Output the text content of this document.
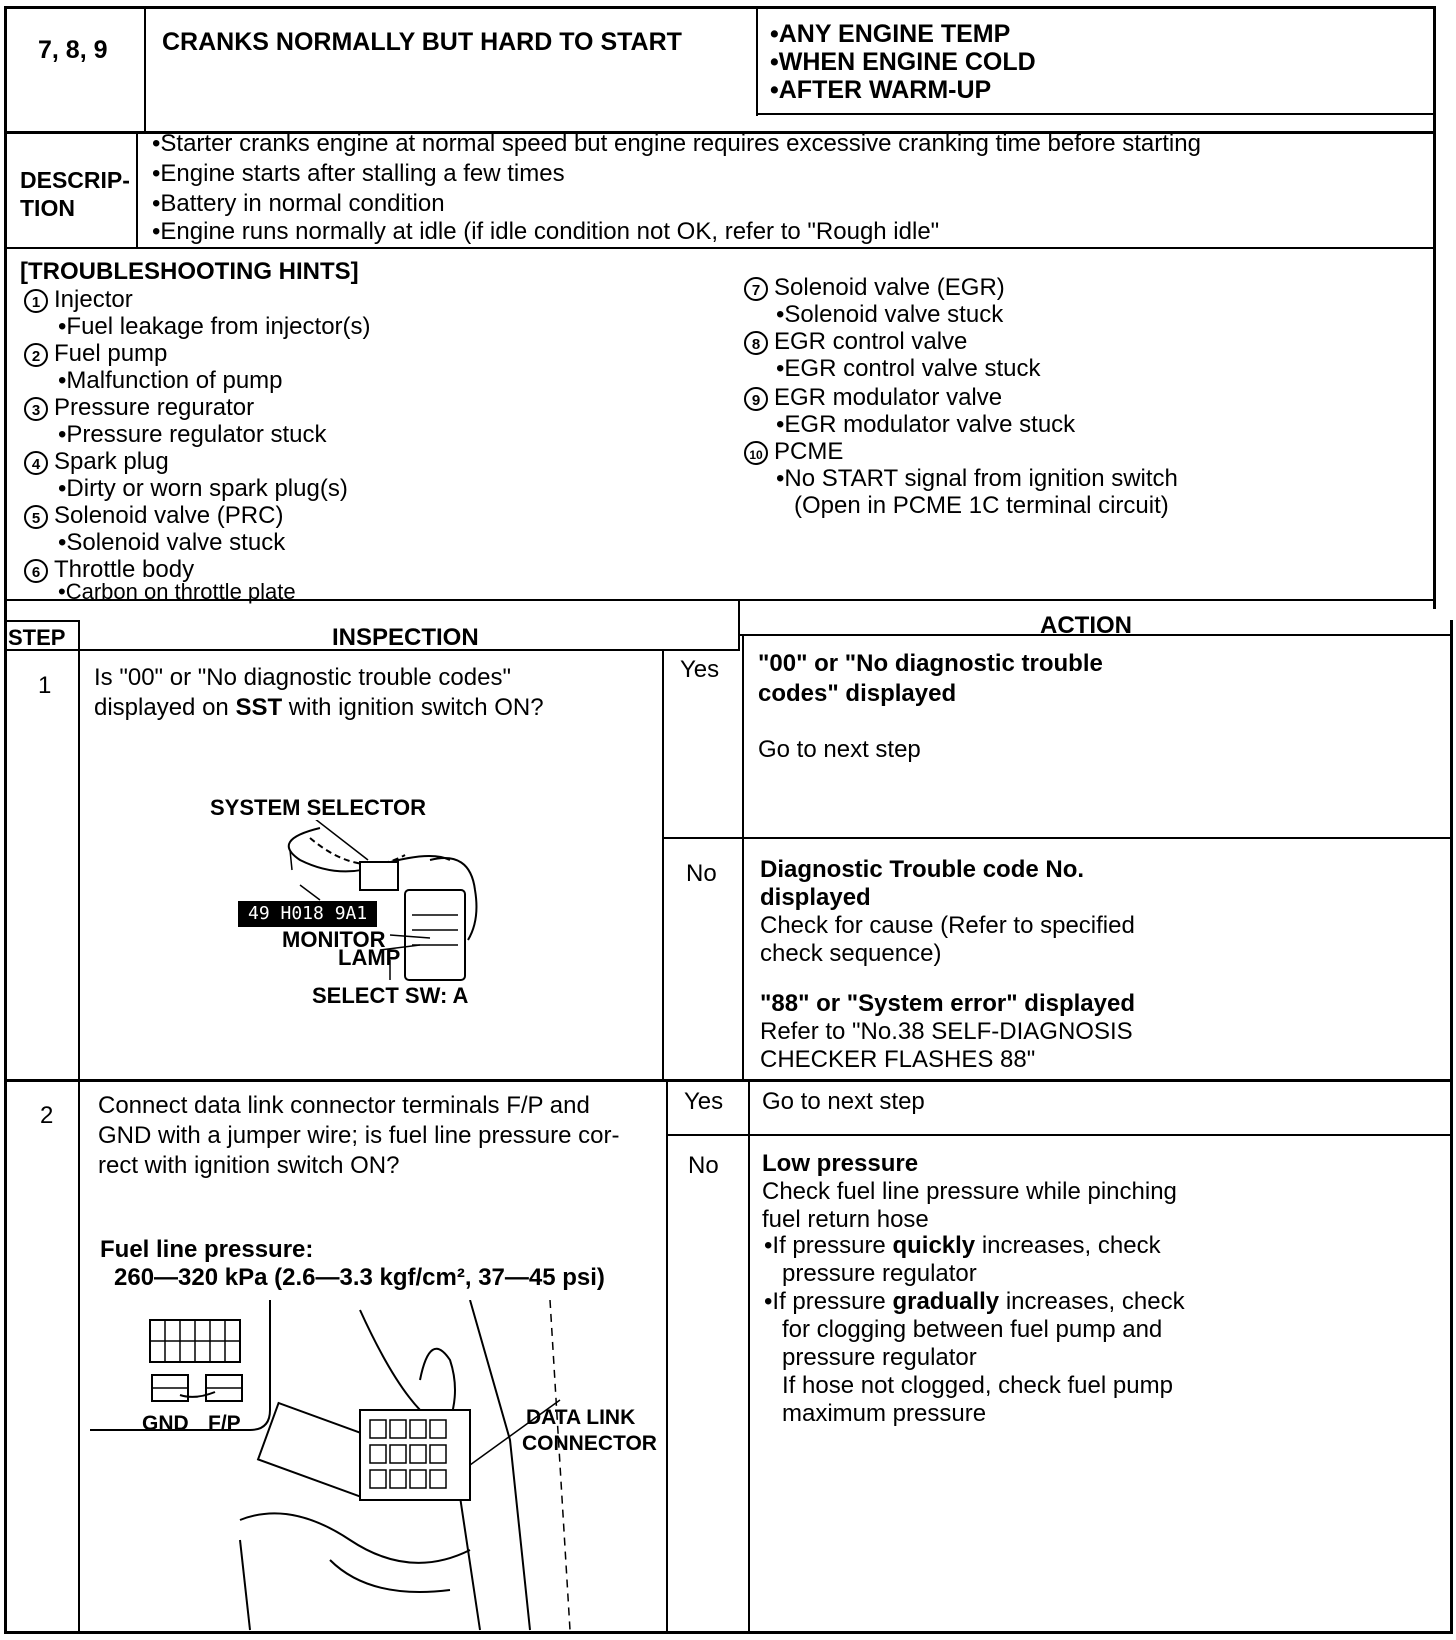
7, 8, 9 CRANKS NORMALLY BUT HARD TO START	•ANY ENGINE TEMP
•WHEN ENGINE COLD
•AFTER WARM-UP
DESCRIP-
TION
•Starter cranks engine at normal speed but engine requires excessive cranking time before starting
•Engine starts after stalling a few times
•Battery in normal condition
•Engine runs normally at idle (if idle condition not OK, refer to "Rough idle"
[TROUBLESHOOTING HINTS]
1 Injector
•Fuel leakage from injector(s)
2 Fuel pump
•Malfunction of pump
3 Pressure regurator
•Pressure regulator stuck
4 Spark plug
•Dirty or worn spark plug(s)
5 Solenoid valve (PRC)
•Solenoid valve stuck
6 Throttle body
•Carbon on throttle plate
7 Solenoid valve (EGR)
•Solenoid valve stuck
8 EGR control valve
•EGR control valve stuck
9 EGR modulator valve
•EGR modulator valve stuck
10 PCME
•No START signal from ignition switch
(Open in PCME 1C terminal circuit)
STEP	INSPECTION	ACTION
1 Is "00" or "No diagnostic trouble codes"
displayed on SST with ignition switch ON?
SYSTEM SELECTOR
49 H018 9A1
MONITOR
LAMP
SELECT SW: A
Yes "00" or "No diagnostic trouble
codes" displayed
Go to next step
No Diagnostic Trouble code No.
displayed
Check for cause (Refer to specified
check sequence)
"88" or "System error" displayed
Refer to "No.38 SELF-DIAGNOSIS
CHECKER FLASHES 88"
2 Connect data link connector terminals F/P and
GND with a jumper wire; is fuel line pressure cor-
rect with ignition switch ON?
Fuel line pressure:
260—320 kPa (2.6—3.3 kgf/cm², 37—45 psi)
GND F/P	DATA LINK
CONNECTOR
Yes Go to next step
No Low pressure
Check fuel line pressure while pinching
fuel return hose
•If pressure quickly increases, check
pressure regulator
•If pressure gradually increases, check
for clogging between fuel pump and
pressure regulator
If hose not clogged, check fuel pump
maximum pressure
